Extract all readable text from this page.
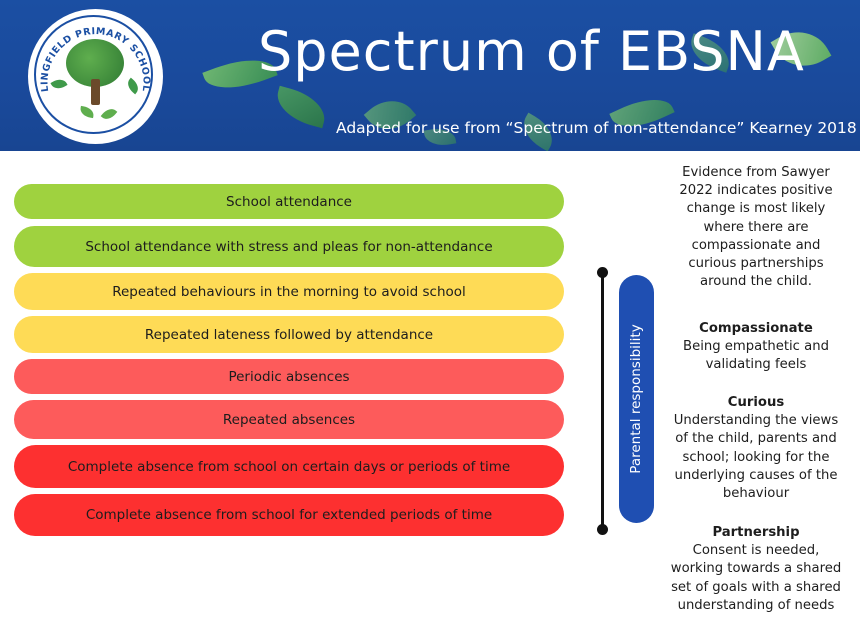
LINGFIELD PRIMARY SCHOOL
Spectrum of EBSNA
Adapted for use from “Spectrum of non-attendance” Kearney 2018
School attendance
School attendance with stress and pleas for non-attendance
Repeated behaviours in the morning to avoid school
Repeated lateness followed by attendance
Periodic absences
Repeated absences
Complete absence from school on certain days or periods of time
Complete absence from school for extended periods of time
Parental responsibility
Evidence from Sawyer
2022 indicates positive
change is most likely
where there are
compassionate and
curious partnerships
around the child.
Compassionate
Being empathetic and
validating feels
Curious
Understanding the views
of the child, parents and
school; looking for the
underlying causes of the
behaviour
Partnership
Consent is needed,
working towards a shared
set of goals with a shared
understanding of needs
